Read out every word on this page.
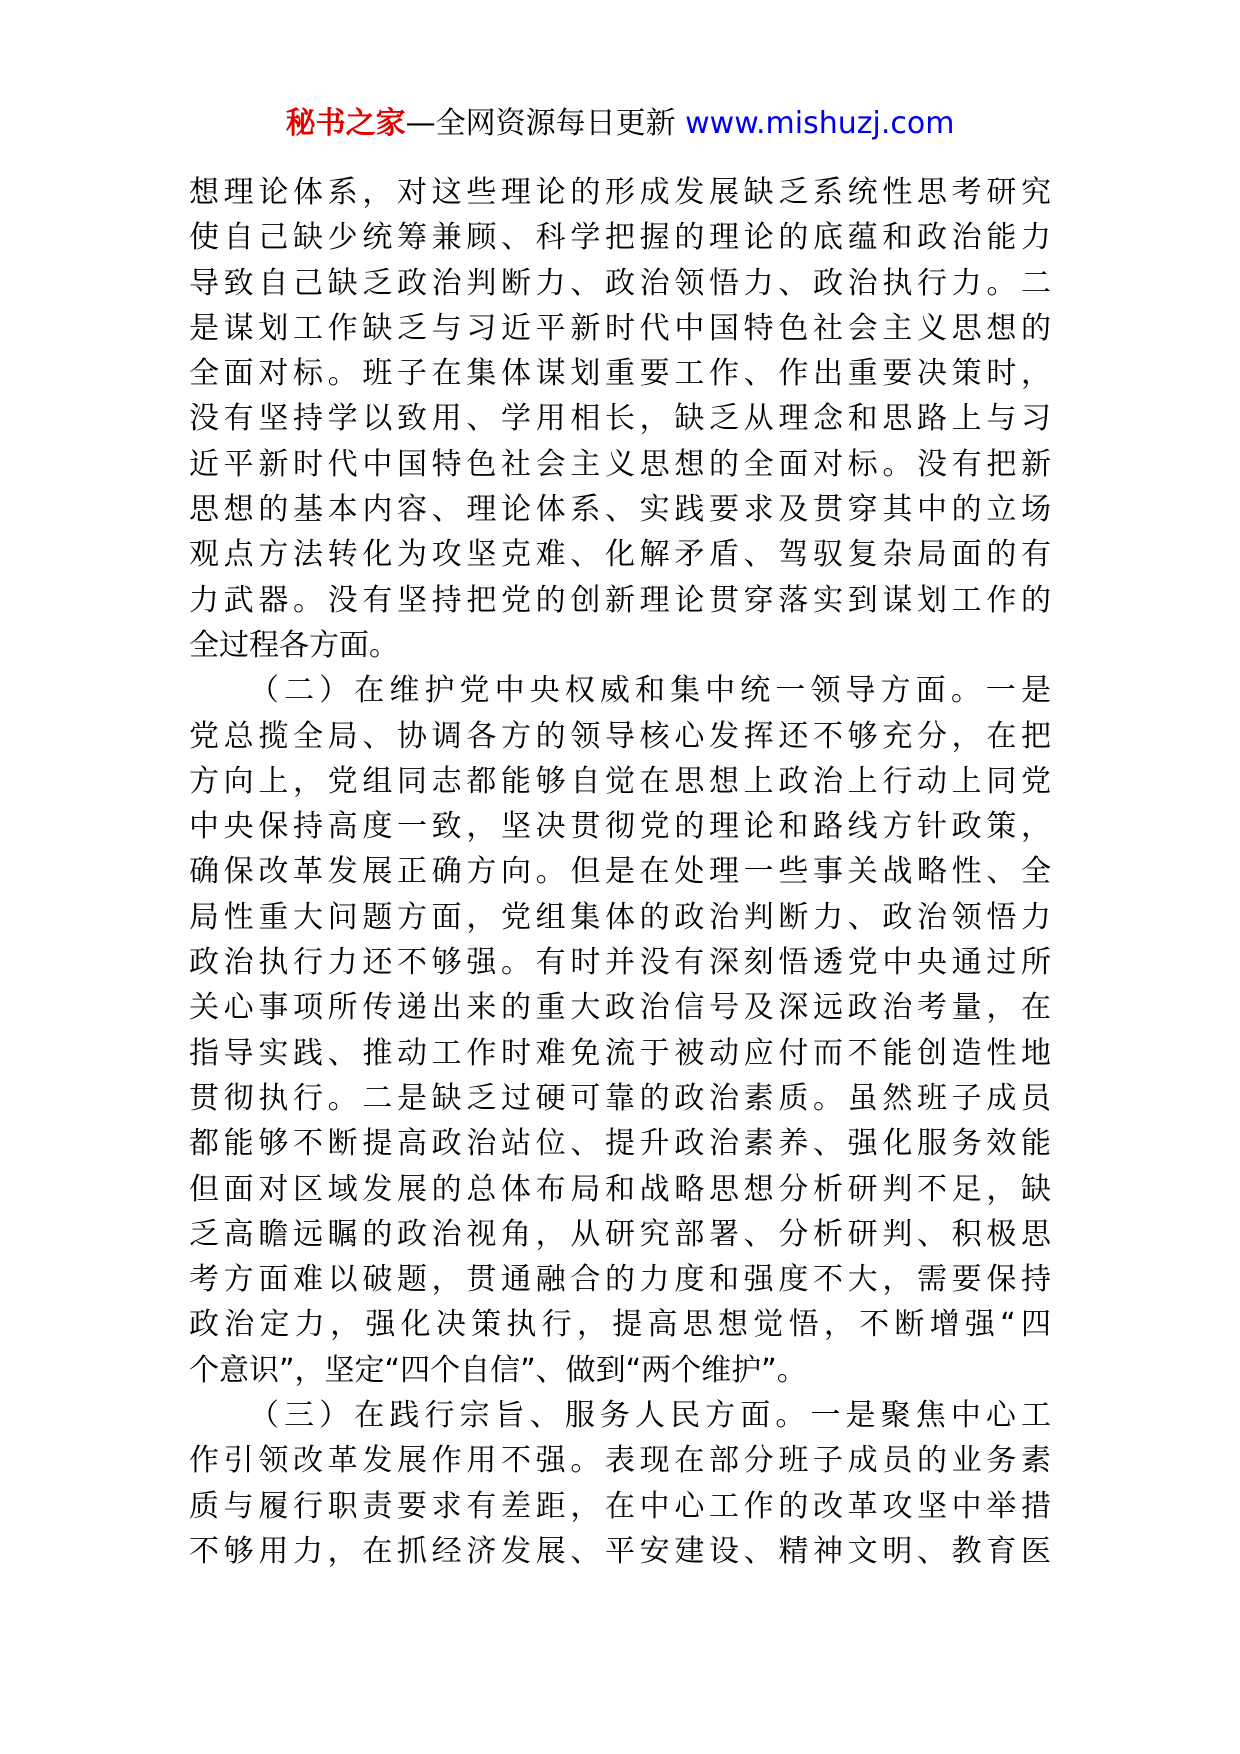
秘书之家—全网资源每日更新 www.mishuzj.com
想理论体系，对这些理论的形成发展缺乏系统性思考研究
使自己缺少统筹兼顾、科学把握的理论的底蕴和政治能力
导致自己缺乏政治判断力、政治领悟力、政治执行力。二
是谋划工作缺乏与习近平新时代中国特色社会主义思想的
全面对标。班子在集体谋划重要工作、作出重要决策时，
没有坚持学以致用、学用相长，缺乏从理念和思路上与习
近平新时代中国特色社会主义思想的全面对标。没有把新
思想的基本内容、理论体系、实践要求及贯穿其中的立场
观点方法转化为攻坚克难、化解矛盾、驾驭复杂局面的有
力武器。没有坚持把党的创新理论贯穿落实到谋划工作的
全过程各方面。
（二）在维护党中央权威和集中统一领导方面。一是
党总揽全局、协调各方的领导核心发挥还不够充分，在把
方向上，党组同志都能够自觉在思想上政治上行动上同党
中央保持高度一致，坚决贯彻党的理论和路线方针政策，
确保改革发展正确方向。但是在处理一些事关战略性、全
局性重大问题方面，党组集体的政治判断力、政治领悟力
政治执行力还不够强。有时并没有深刻悟透党中央通过所
关心事项所传递出来的重大政治信号及深远政治考量，在
指导实践、推动工作时难免流于被动应付而不能创造性地
贯彻执行。二是缺乏过硬可靠的政治素质。虽然班子成员
都能够不断提高政治站位、提升政治素养、强化服务效能
但面对区域发展的总体布局和战略思想分析研判不足，缺
乏高瞻远瞩的政治视角，从研究部署、分析研判、积极思
考方面难以破题，贯通融合的力度和强度不大，需要保持
政治定力，强化决策执行，提高思想觉悟，不断增强“四
个意识”，坚定“四个自信”、做到“两个维护”。
（三）在践行宗旨、服务人民方面。一是聚焦中心工
作引领改革发展作用不强。表现在部分班子成员的业务素
质与履行职责要求有差距，在中心工作的改革攻坚中举措
不够用力，在抓经济发展、平安建设、精神文明、教育医
